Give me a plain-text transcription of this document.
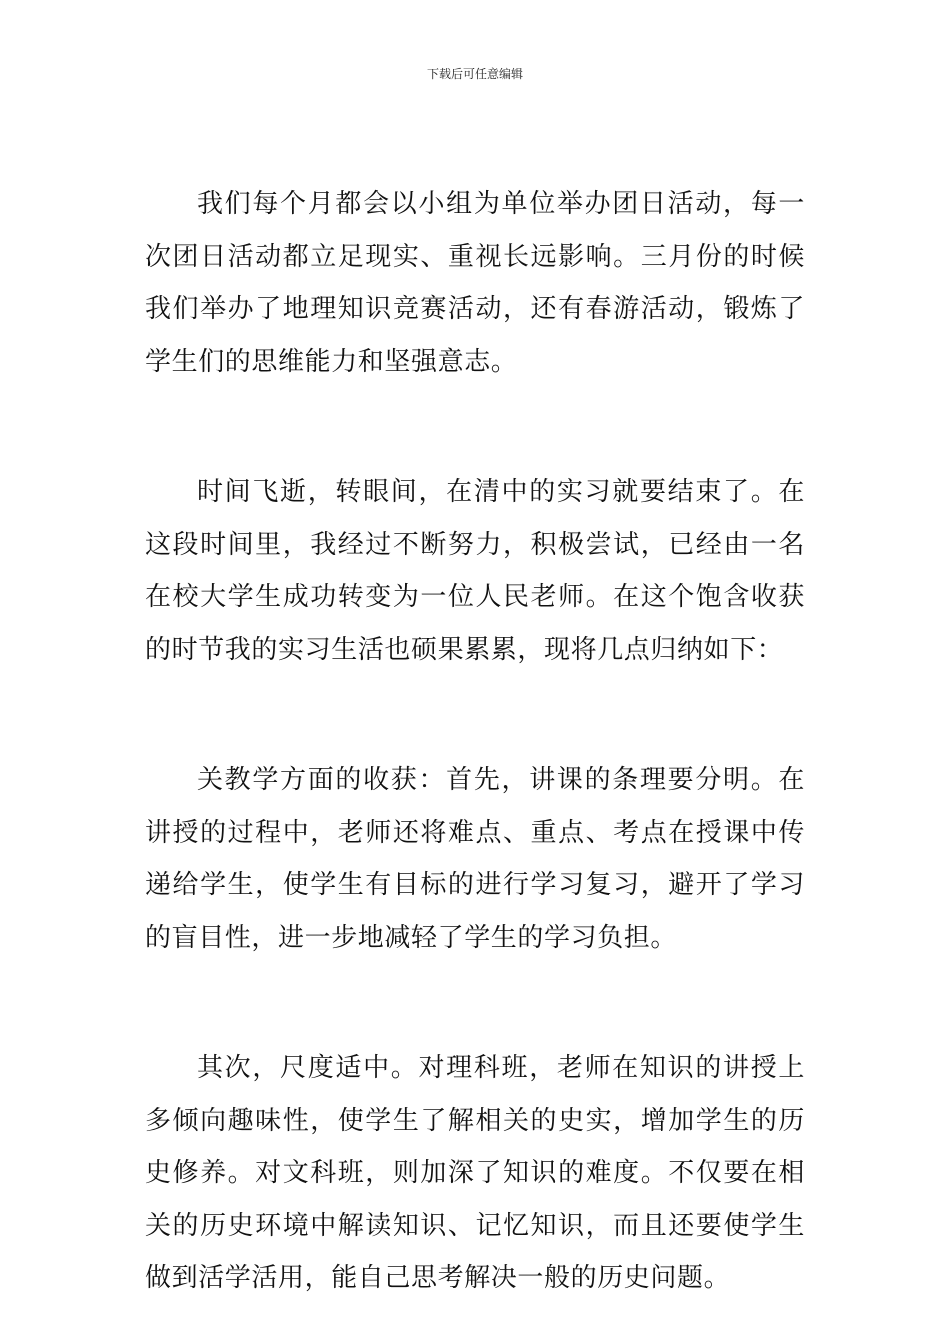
下载后可任意编辑

我们每个月都会以小组为单位举办团日活动，每一次团日活动都立足现实、重视长远影响。三月份的时候我们举办了地理知识竞赛活动，还有春游活动，锻炼了学生们的思维能力和坚强意志。

时间飞逝，转眼间，在清中的实习就要结束了。在这段时间里，我经过不断努力，积极尝试，已经由一名在校大学生成功转变为一位人民老师。在这个饱含收获的时节我的实习生活也硕果累累，现将几点归纳如下：

关教学方面的收获：首先，讲课的条理要分明。在讲授的过程中，老师还将难点、重点、考点在授课中传递给学生，使学生有目标的进行学习复习，避开了学习的盲目性，进一步地减轻了学生的学习负担。

其次，尺度适中。对理科班，老师在知识的讲授上多倾向趣味性，使学生了解相关的史实，增加学生的历史修养。对文科班，则加深了知识的难度。不仅要在相关的历史环境中解读知识、记忆知识，而且还要使学生做到活学活用，能自己思考解决一般的历史问题。
